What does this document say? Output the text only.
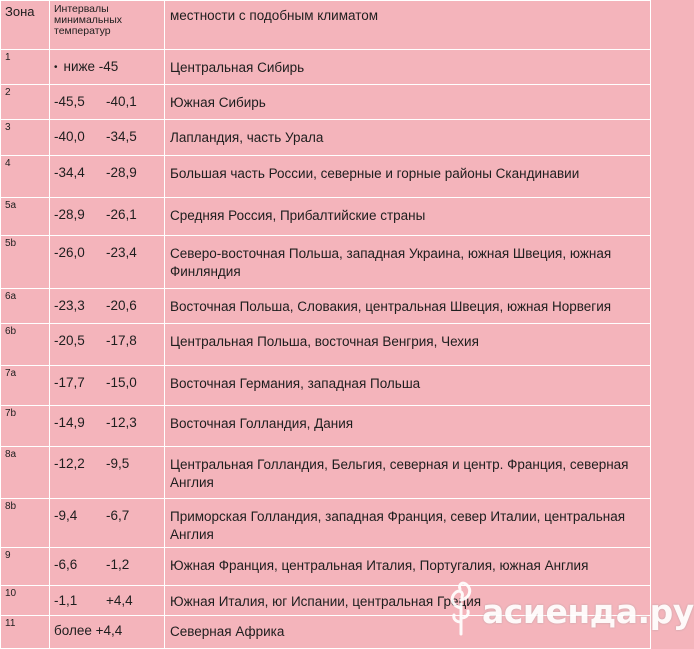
Зона	Интервалы минимальных температур	местности с подобным климатом
1	• ниже -45	Центральная Сибирь

2	-45,5 -40,1	Южная Сибирь

3	-40,0 -34,5	Лапландия, часть Урала

4	-34,4 -28,9	Большая часть России, северные и горные районы Скандинавии

5a	-28,9 -26,1	Средняя Россия, Прибалтийские страны

5b	-26,0 -23,4	Северо-восточная Польша, западная Украина, южная Швеция, южная Финляндия

6a	-23,3 -20,6	Восточная Польша, Словакия, центральная Швеция, южная Норвегия

6b	-20,5 -17,8	Центральная Польша, восточная Венгрия, Чехия

7a	-17,7 -15,0	Восточная Германия, западная Польша

7b	-14,9 -12,3	Восточная Голландия, Дания

8a	-12,2 -9,5	Центральная Голландия, Бельгия, северная и центр. Франция, северная Англия

8b	-9,4 -6,7	Приморская Голландия, западная Франция, север Италии, центральная Англия

9	-6,6 -1,2	Южная Франция, центральная Италия, Португалия, южная Англия

10	-1,1 +4,4	Южная Италия, юг Испании, центральная Греция

11	более +4,4	Северная Африка
асиенда.ру
